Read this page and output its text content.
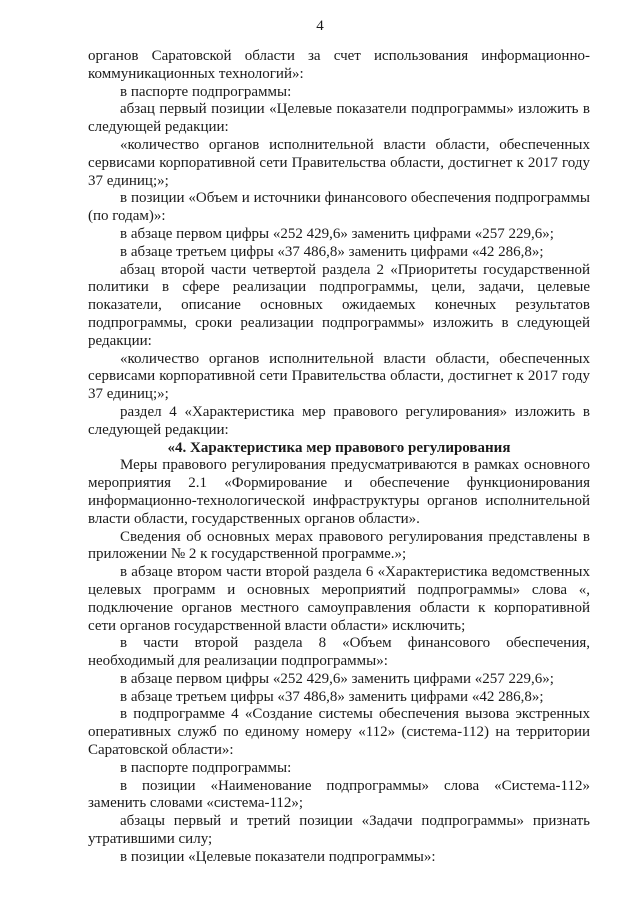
4

органов Саратовской области за счет использования информационно-коммуникационных технологий»:

в паспорте подпрограммы:

абзац первый позиции «Целевые показатели подпрограммы» изложить в следующей редакции:

«количество органов исполнительной власти области, обеспеченных сервисами корпоративной сети Правительства области, достигнет к 2017 году 37 единиц;»;

в позиции «Объем и источники финансового обеспечения подпрограммы (по годам)»:

в абзаце первом цифры «252 429,6» заменить цифрами «257 229,6»;

в абзаце третьем цифры «37 486,8» заменить цифрами «42 286,8»;

абзац второй части четвертой раздела 2 «Приоритеты государственной политики в сфере реализации подпрограммы, цели, задачи, целевые показатели, описание основных ожидаемых конечных результатов подпрограммы, сроки реализации подпрограммы» изложить в следующей редакции:

«количество органов исполнительной власти области, обеспеченных сервисами корпоративной сети Правительства области, достигнет к 2017 году 37 единиц;»;

раздел 4 «Характеристика мер правового регулирования» изложить в следующей редакции:

«4. Характеристика мер правового регулирования

Меры правового регулирования предусматриваются в рамках основного мероприятия 2.1 «Формирование и обеспечение функционирования информационно-технологической инфраструктуры органов исполнительной власти области, государственных органов области».

Сведения об основных мерах правового регулирования представлены в приложении № 2 к государственной программе.»;

в абзаце втором части второй раздела 6 «Характеристика ведомственных целевых программ и основных мероприятий подпрограммы» слова «, подключение органов местного самоуправления области к корпоративной сети органов государственной власти области» исключить;

в части второй раздела 8 «Объем финансового обеспечения, необходимый для реализации подпрограммы»:

в абзаце первом цифры «252 429,6» заменить цифрами «257 229,6»;

в абзаце третьем цифры «37 486,8» заменить цифрами «42 286,8»;

в подпрограмме 4 «Создание системы обеспечения вызова экстренных оперативных служб по единому номеру «112» (система-112) на территории Саратовской области»:

в паспорте подпрограммы:

в позиции «Наименование подпрограммы» слова «Система-112» заменить словами «система-112»;

абзацы первый и третий позиции «Задачи подпрограммы» признать утратившими силу;

в позиции «Целевые показатели подпрограммы»:
